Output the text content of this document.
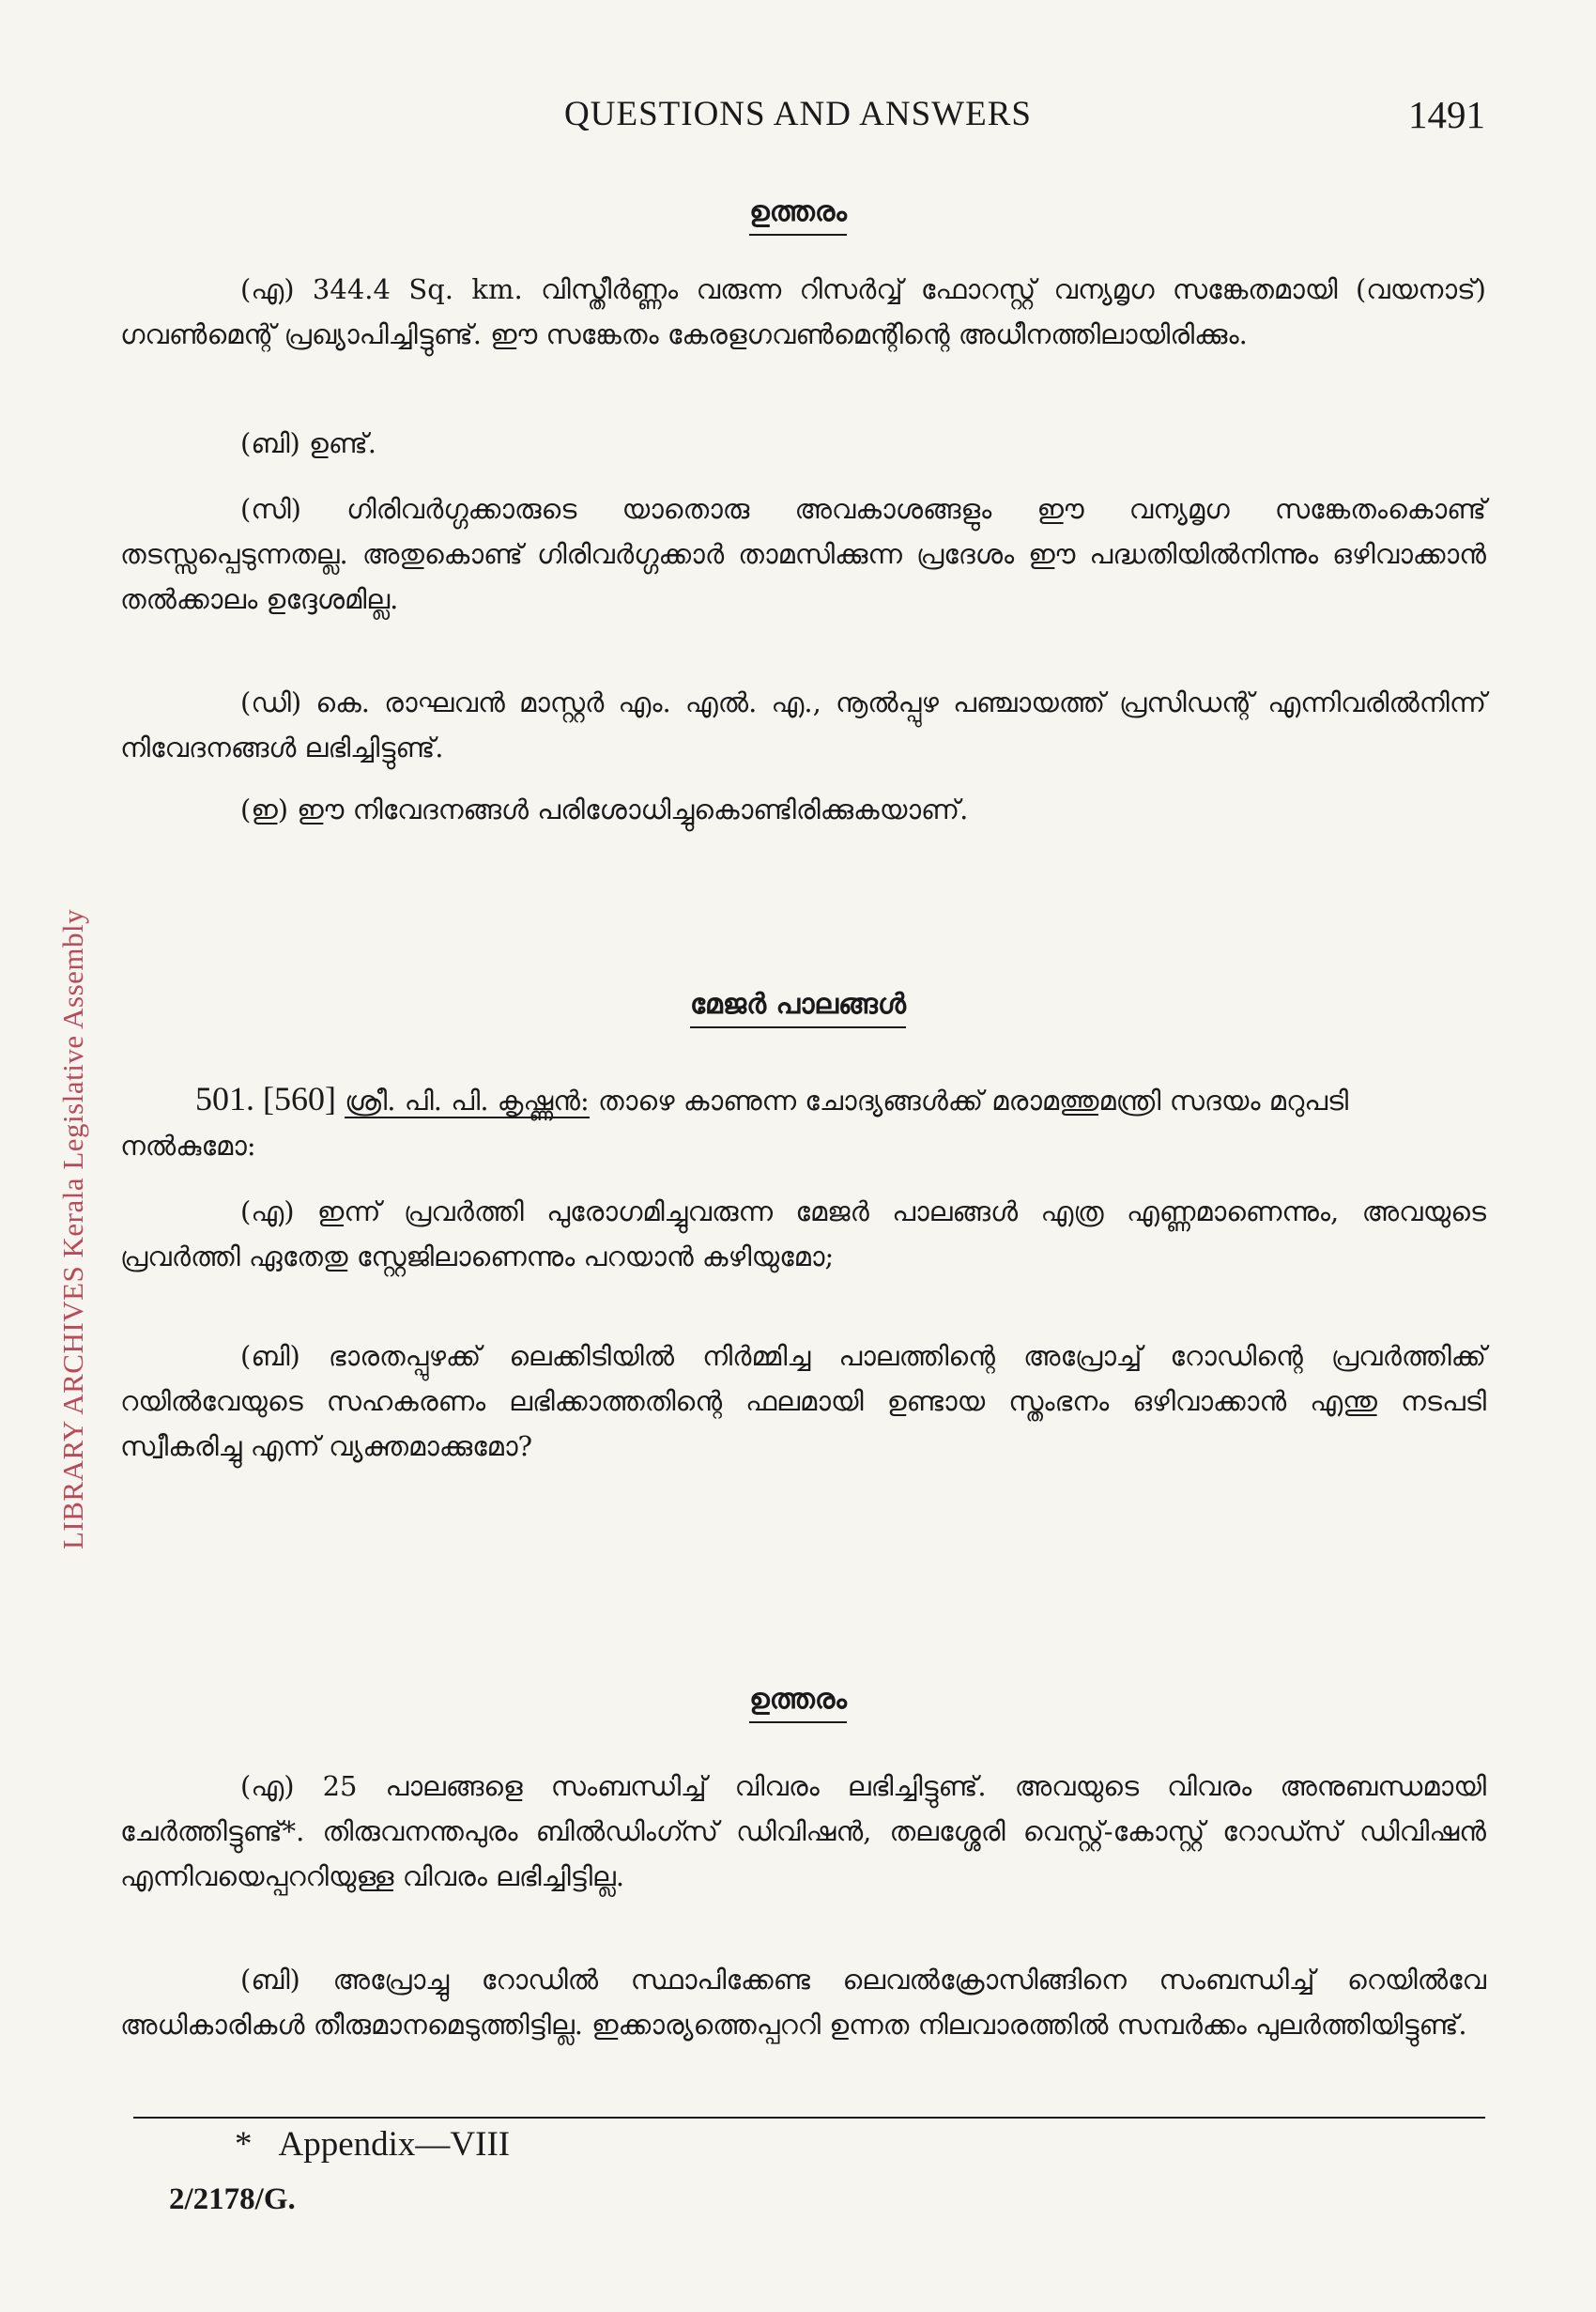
LIBRARY ARCHIVES Kerala Legislative Assembly
QUESTIONS AND ANSWERS	1491
ഉത്തരം
(എ) 344.4 Sq. km. വിസ്തീർണ്ണം വരുന്ന റിസർവ്വ് ഫോറസ്റ്റ് വന്യമൃഗ സങ്കേതമായി (വയനാട്) ഗവൺമെന്റ് പ്രഖ്യാപിച്ചിട്ടുണ്ട്. ഈ സങ്കേതം കേരളഗവൺമെന്റിന്റെ അധീനത്തിലായിരിക്കും.
(ബി) ഉണ്ട്.
(സി) ഗിരിവർഗ്ഗക്കാരുടെ യാതൊരു അവകാശങ്ങളും ഈ വന്യമൃഗ സങ്കേതംകൊണ്ട് തടസ്സപ്പെടുന്നതല്ല. അതുകൊണ്ട് ഗിരിവർഗ്ഗക്കാർ താമസിക്കുന്ന പ്രദേശം ഈ പദ്ധതിയിൽനിന്നും ഒഴിവാക്കാൻ തൽക്കാലം ഉദ്ദേശമില്ല.
(ഡി) കെ. രാഘവൻ മാസ്റ്റർ എം. എൽ. എ., നൂൽപ്പുഴ പഞ്ചായത്ത് പ്രസിഡന്റ് എന്നിവരിൽനിന്ന് നിവേദനങ്ങൾ ലഭിച്ചിട്ടുണ്ട്.
(ഇ) ഈ നിവേദനങ്ങൾ പരിശോധിച്ചുകൊണ്ടിരിക്കുകയാണ്.
മേജർ പാലങ്ങൾ
501. [560] ശ്രീ. പി. പി. കൃഷ്ണൻ: താഴെ കാണുന്ന ചോദ്യങ്ങൾക്ക് മരാമത്തുമന്ത്രി സദയം മറുപടി നൽകുമോ:
(എ) ഇന്ന് പ്രവർത്തി പുരോഗമിച്ചുവരുന്ന മേജർ പാലങ്ങൾ എത്ര എണ്ണമാണെന്നും, അവയുടെ പ്രവർത്തി ഏതേതു സ്റ്റേജിലാണെന്നും പറയാൻ കഴിയുമോ;
(ബി) ഭാരതപ്പുഴക്ക് ലെക്കിടിയിൽ നിർമ്മിച്ച പാലത്തിന്റെ അപ്രോച്ച് റോഡിന്റെ പ്രവർത്തിക്ക് റയിൽവേയുടെ സഹകരണം ലഭിക്കാത്തതിന്റെ ഫലമായി ഉണ്ടായ സ്തംഭനം ഒഴിവാക്കാൻ എന്തു നടപടി സ്വീകരിച്ചു എന്ന് വ്യക്തമാക്കുമോ?
ഉത്തരം
(എ) 25 പാലങ്ങളെ സംബന്ധിച്ച് വിവരം ലഭിച്ചിട്ടുണ്ട്. അവയുടെ വിവരം അനുബന്ധമായി ചേർത്തിട്ടുണ്ട്*. തിരുവനന്തപുരം ബിൽഡിംഗ്സ് ഡിവിഷൻ, തലശ്ശേരി വെസ്റ്റ്-കോസ്റ്റ് റോഡ്സ് ഡിവിഷൻ എന്നിവയെപ്പററിയുള്ള വിവരം ലഭിച്ചിട്ടില്ല.
(ബി) അപ്രോച്ചു റോഡിൽ സ്ഥാപിക്കേണ്ട ലെവൽക്രോസിങ്ങിനെ സംബന്ധിച്ച് റെയിൽവേ അധികാരികൾ തീരുമാനമെടുത്തിട്ടില്ല. ഇക്കാര്യത്തെപ്പററി ഉന്നത നിലവാരത്തിൽ സമ്പർക്കം പുലർത്തിയിട്ടുണ്ട്.
* Appendix—VIII
2/2178/G.
